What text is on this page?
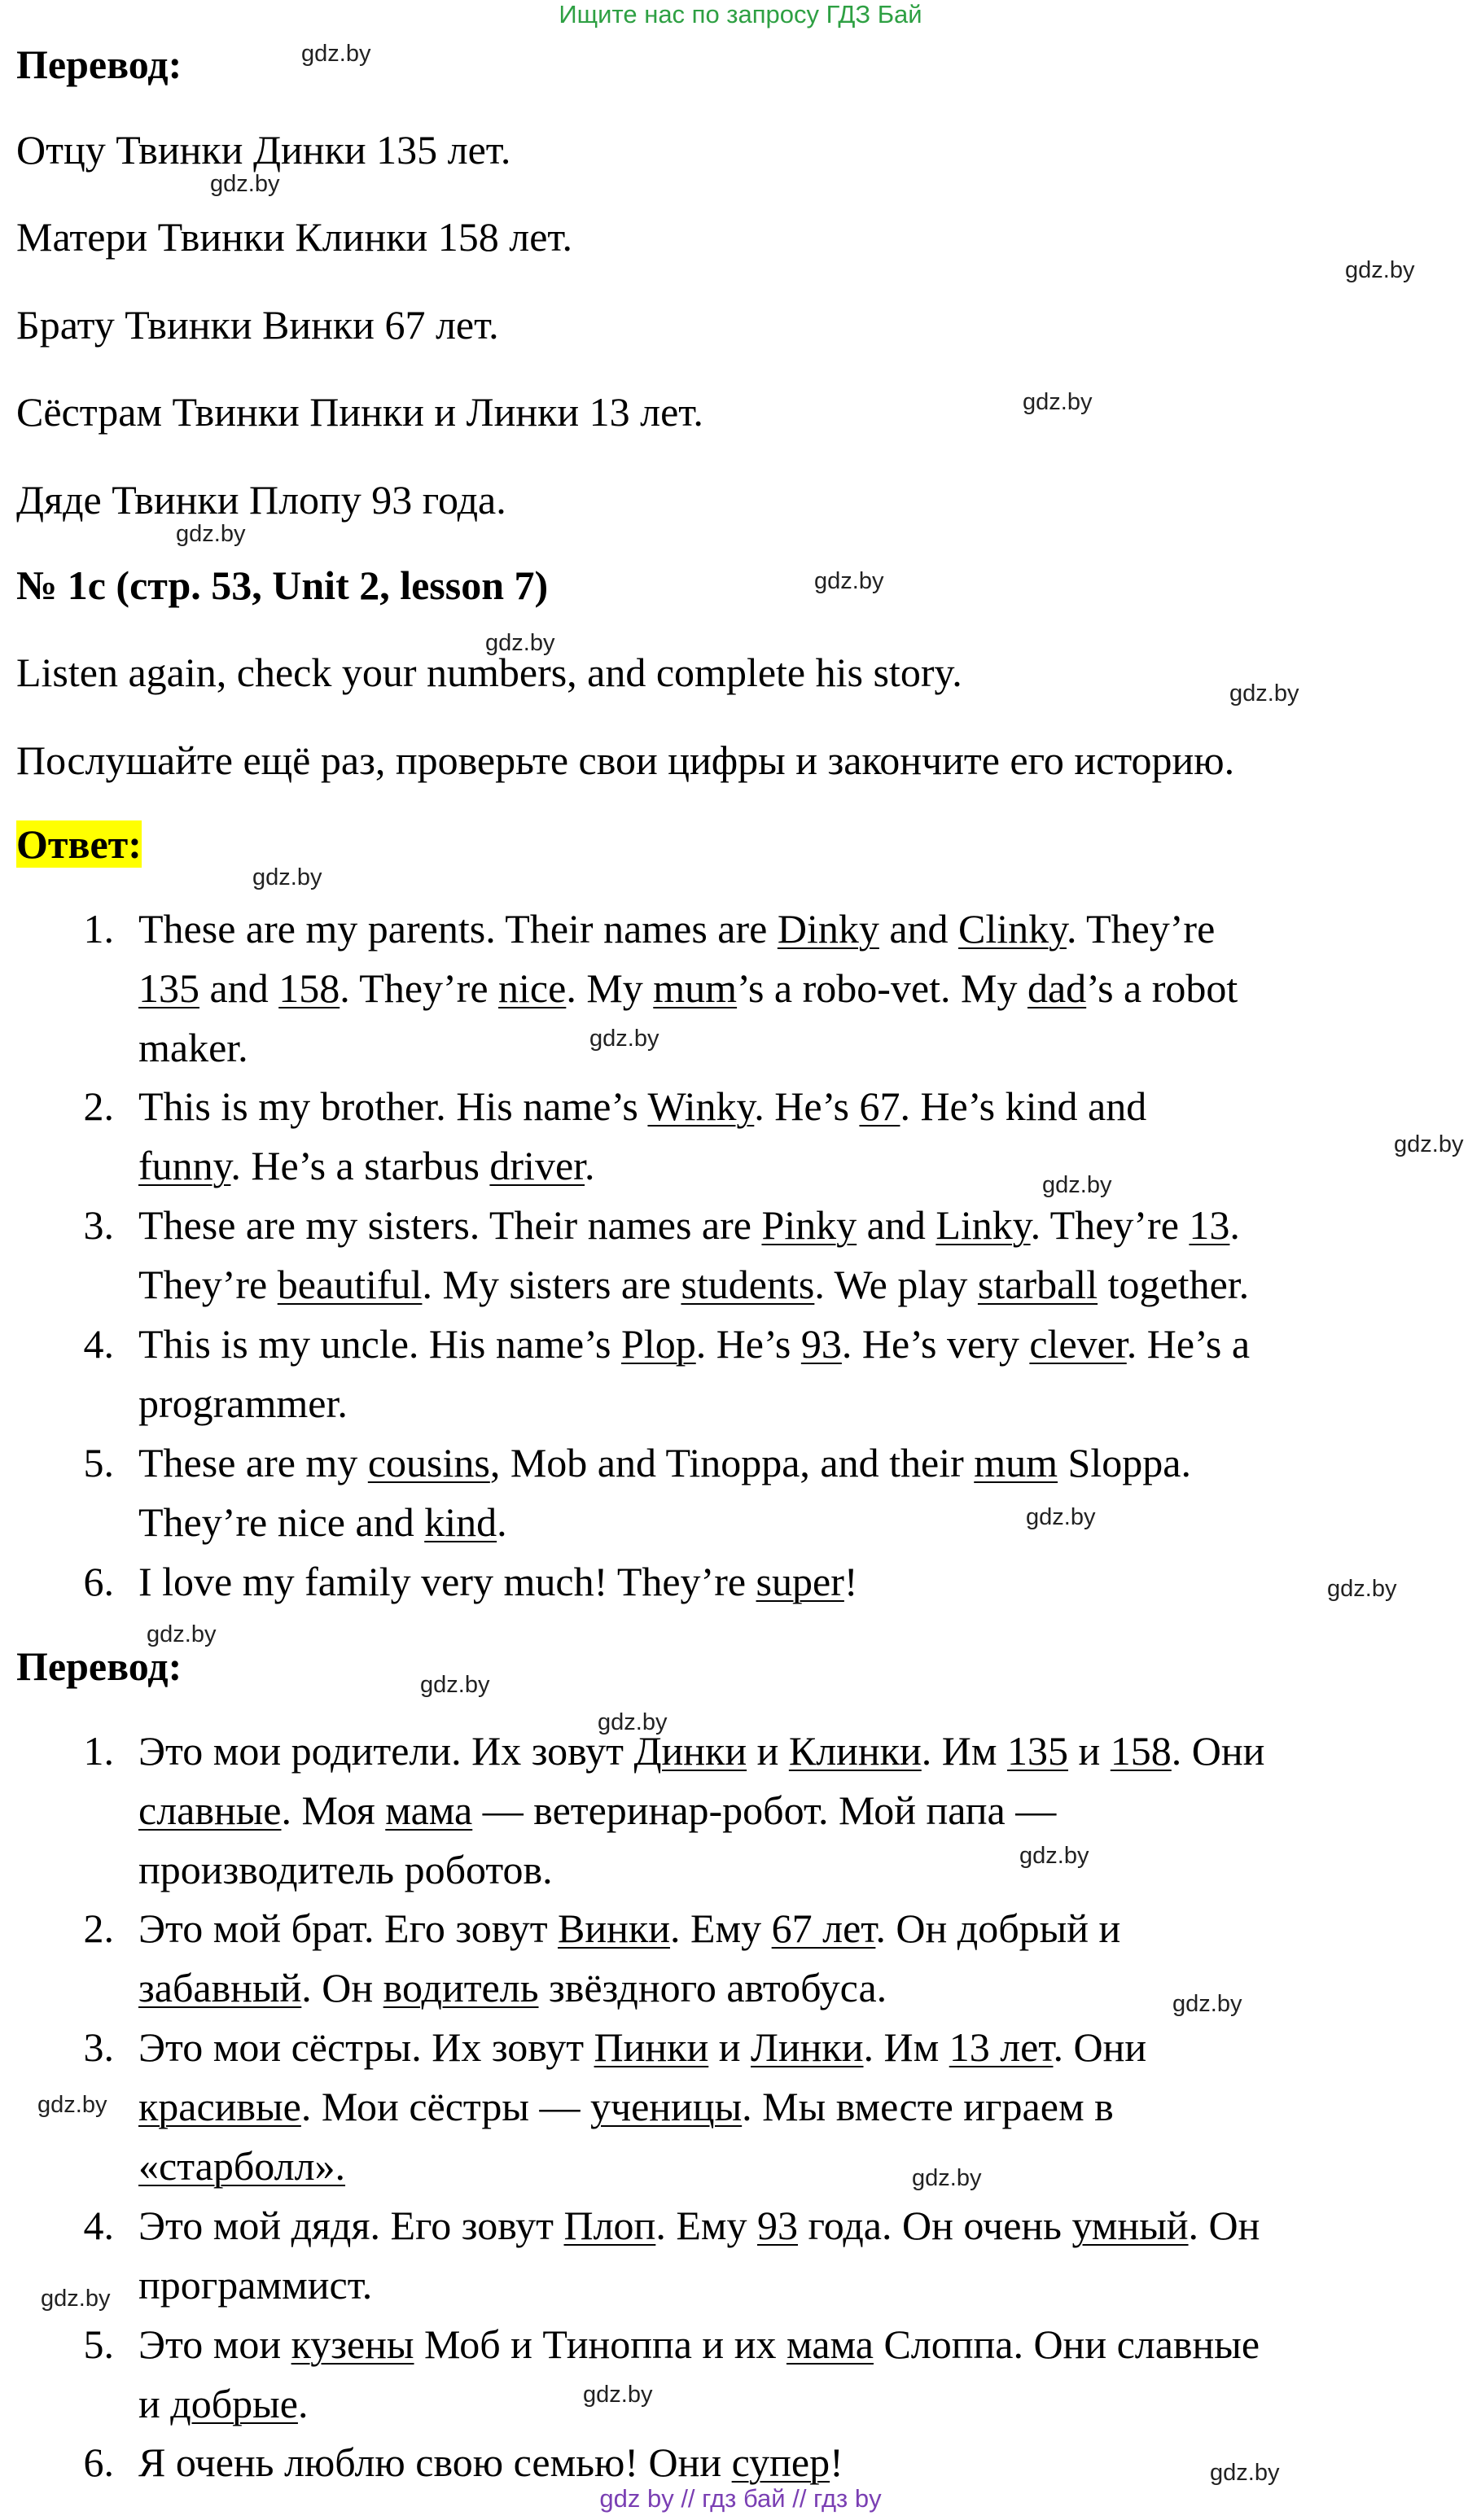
Ищите нас по запросу ГДЗ Бай
gdz by // гдз бай // гдз by
Перевод:
Отцу Твинки Динки 135 лет.
Матери Твинки Клинки 158 лет.
Брату Твинки Винки 67 лет.
Сёстрам Твинки Пинки и Линки 13 лет.
Дяде Твинки Плопу 93 года.
№ 1с (стр. 53, Unit 2, lesson 7)
Listen again, check your numbers, and complete his story.
Послушайте ещё раз, проверьте свои цифры и закончите его историю.
Ответ:
1. These are my parents. Their names are Dinky and Clinky. They’re
135 and 158. They’re nice. My mum’s a robo-vet. My dad’s a robot
maker.
2. This is my brother. His name’s Winky. He’s 67. He’s kind and
funny. He’s a starbus driver.
3. These are my sisters. Their names are Pinky and Linky. They’re 13.
They’re beautiful. My sisters are students. We play starball together.
4. This is my uncle. His name’s Plop. He’s 93. He’s very clever. He’s a
programmer.
5. These are my cousins, Mob and Tinoppa, and their mum Sloppa.
They’re nice and kind.
6. I love my family very much! They’re super!
Перевод:
1. Это мои родители. Их зовут Динки и Клинки. Им 135 и 158. Они
славные. Моя мама — ветеринар-робот. Мой папа —
производитель роботов.
2. Это мой брат. Его зовут Винки. Ему 67 лет. Он добрый и
забавный. Он водитель звёздного автобуса.
3. Это мои сёстры. Их зовут Пинки и Линки. Им 13 лет. Они
красивые. Мои сёстры — ученицы. Мы вместе играем в
«старболл».
4. Это мой дядя. Его зовут Плоп. Ему 93 года. Он очень умный. Он
программист.
5. Это мои кузены Моб и Тиноппа и их мама Слоппа. Они славные
и добрые.
6. Я очень люблю свою семью! Они супер!
gdz.by
gdz.by
gdz.by
gdz.by
gdz.by
gdz.by
gdz.by
gdz.by
gdz.by
gdz.by
gdz.by
gdz.by
gdz.by
gdz.by
gdz.by
gdz.by
gdz.by
gdz.by
gdz.by
gdz.by
gdz.by
gdz.by
gdz.by
gdz.by
